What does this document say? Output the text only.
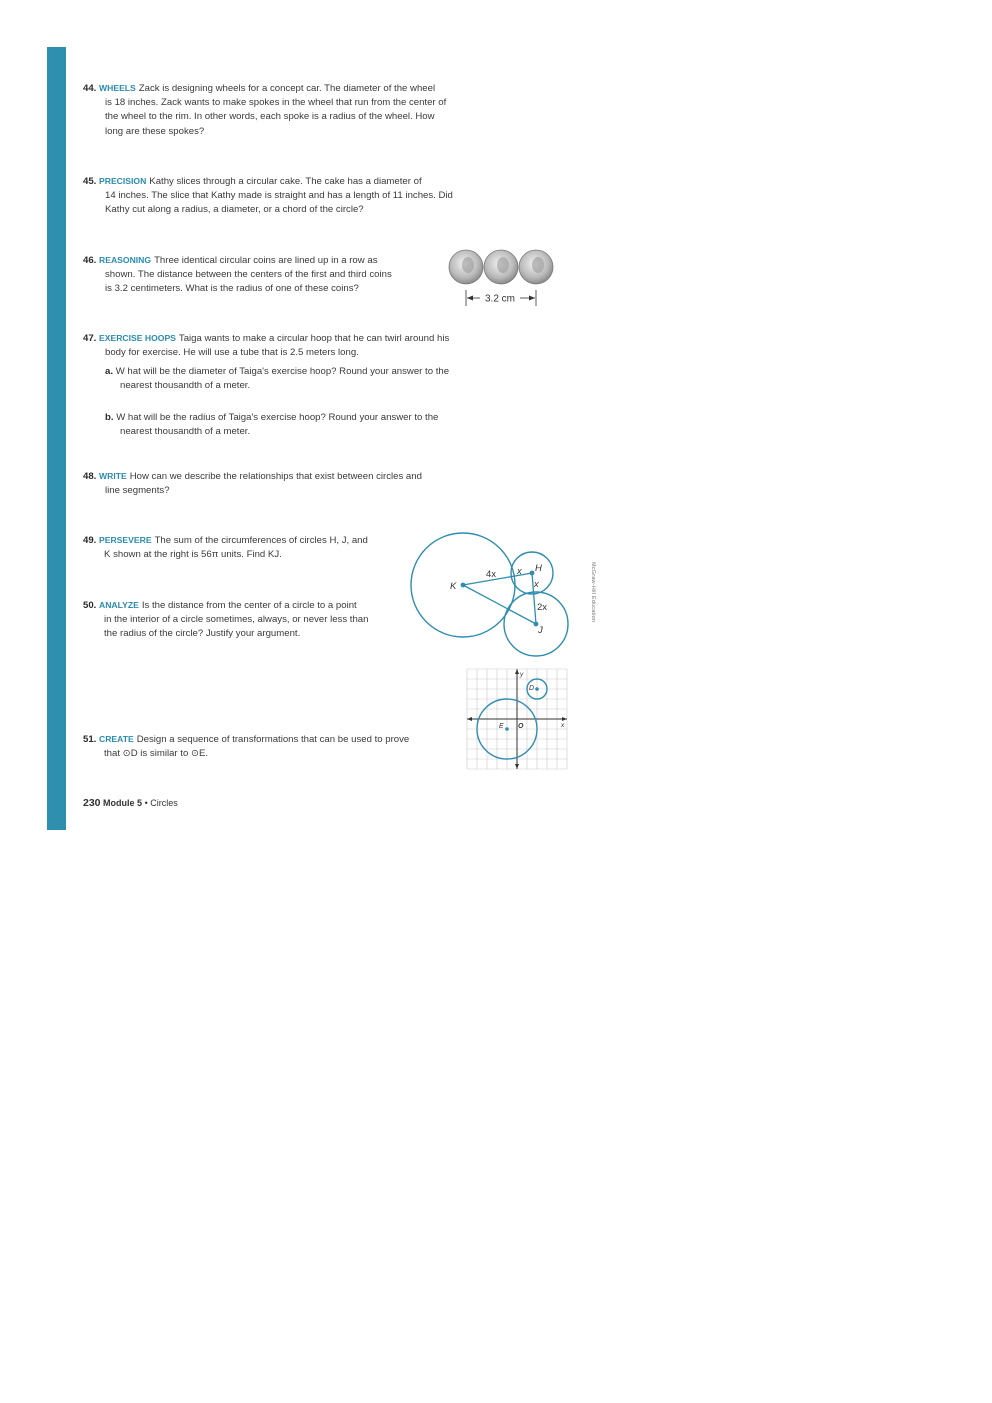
44. WHEELS Zack is designing wheels for a concept car. The diameter of the wheel
is 18 inches. Zack wants to make spokes in the wheel that run from the center of
the wheel to the rim. In other words, each spoke is a radius of the wheel. How
long are these spokes?
45. PRECISION Kathy slices through a circular cake. The cake has a diameter of
14 inches. The slice that Kathy made is straight and has a length of 11 inches. Did
Kathy cut along a radius, a diameter, or a chord of the circle?
46. REASONING Three identical circular coins are lined up in a row as
shown. The distance between the centers of the first and third coins
is 3.2 centimeters. What is the radius of one of these coins?
3.2 cm
47. EXERCISE HOOPS Taiga wants to make a circular hoop that he can twirl around his
body for exercise. He will use a tube that is 2.5 meters long.
a. W hat will be the diameter of Taiga's exercise hoop? Round your answer to the
nearest thousandth of a meter.
b. W hat will be the radius of Taiga's exercise hoop? Round your answer to the
nearest thousandth of a meter.
48. WRITE How can we describe the relationships that exist between circles and
line segments?
49. PERSEVERE The sum of the circumferences of circles H, J, and
K shown at the right is 56π units. Find KJ.
50. ANALYZE Is the distance from the center of a circle to a point
in the interior of a circle sometimes, always, or never less than
the radius of the circle? Justify your argument.
K
H
J
4x x
x
2x	McGraw-Hill Education
y
x
D
E O
51. CREATE Design a sequence of transformations that can be used to prove
that ⊙D is similar to ⊙E.
230 Module 5 • Circles
